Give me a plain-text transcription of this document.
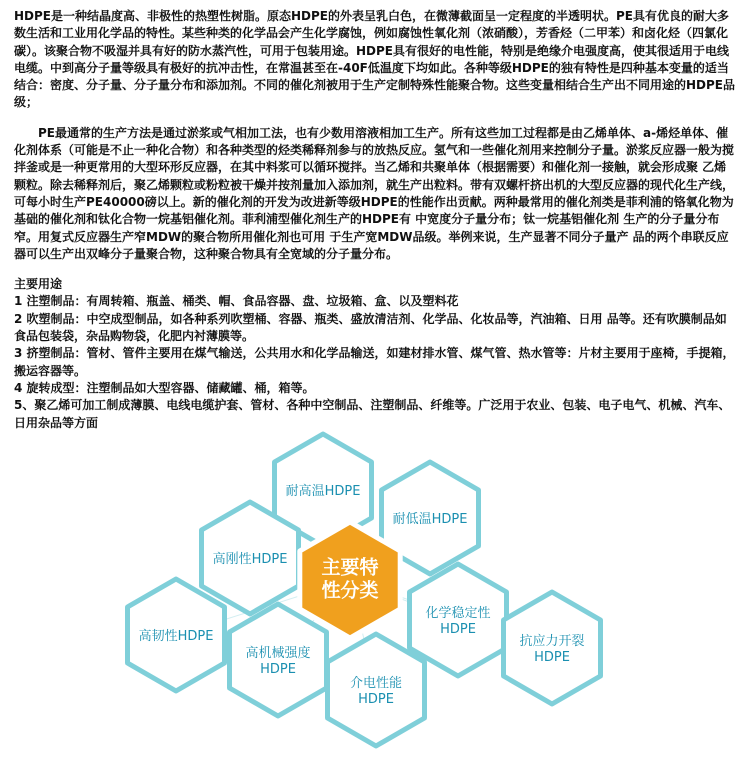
HDPE是一种结晶度高、非极性的热塑性树脂。原态HDPE的外表呈乳白色，在微薄截面呈一定程度的半透明状。PE具有优良的耐大多数生活和工业用化学品的特性。某些种类的化学品会产生化学腐蚀，例如腐蚀性氧化剂（浓硝酸），芳香烃（二甲苯）和卤化烃（四氯化碳）。该聚合物不吸湿并具有好的防水蒸汽性，可用于包装用途。HDPE具有很好的电性能，特别是绝缘介电强度高，使其很适用于电线电缆。中到高分子量等级具有极好的抗冲击性，在常温甚至在-40F低温度下均如此。各种等级HDPE的独有特性是四种基本变量的适当结合：密度、分子量、分子量分布和添加剂。不同的催化剂被用于生产定制特殊性能聚合物。这些变量相结合生产出不同用途的HDPE品级；

PE最通常的生产方法是通过淤浆或气相加工法，也有少数用溶液相加工生产。所有这些加工过程都是由乙烯单体、a-烯烃单体、催化剂体系（可能是不止一种化合物）和各种类型的烃类稀释剂参与的放热反应。氢气和一些催化剂用来控制分子量。淤浆反应器一般为搅拌釜或是一种更常用的大型环形反应器，在其中料浆可以循环搅拌。当乙烯和共聚单体（根据需要）和催化剂一接触，就会形成聚 乙烯颗粒。除去稀释剂后，聚乙烯颗粒或粉粒被干燥并按剂量加入添加剂，就生产出粒料。带有双螺杆挤出机的大型反应器的现代化生产线，可每小时生产PE40000磅以上。新的催化剂的开发为改进新等级HDPE的性能作出贡献。两种最常用的催化剂类是菲利浦的铬氧化物为基础的催化剂和钛化合物一烷基铝催化剂。菲利浦型催化剂生产的HDPE有 中宽度分子量分布；钛一烷基铝催化剂 生产的分子量分布窄。用复式反应器生产窄MDW的聚合物所用催化剂也可用 于生产宽MDW品级。举例来说，生产显著不同分子量产 品的两个串联反应器可以生产出双峰分子量聚合物，这种聚合物具有全宽域的分子量分布。

主要用途

1 注塑制品：有周转箱、瓶盖、桶类、帽、食品容器、盘、垃圾箱、盒、以及塑料花

2 吹塑制品：中空成型制品，如各种系列吹塑桶、容器、瓶类、盛放清洁剂、化学品、化妆品等，汽油箱、日用 品等。还有吹膜制品如食品包装袋，杂品购物袋，化肥内衬薄膜等。

3 挤塑制品：管材、管件主要用在煤气输送，公共用水和化学品输送，如建材排水管、煤气管、热水管等：片材主要用于座椅，手提箱，搬运容器等。

4 旋转成型：注塑制品如大型容器、储藏罐、桶，箱等。

5、聚乙烯可加工制成薄膜、电线电缆护套、管材、各种中空制品、注塑制品、纤维等。广泛用于农业、包装、电子电气、机械、汽车、日用杂品等方面

耐高温HDPE
耐低温HDPE
高刚性HDPE
化学稳定性
HDPE
抗应力开裂
HDPE
高韧性HDPE
高机械强度
HDPE
介电性能
HDPE
主要特
性分类
